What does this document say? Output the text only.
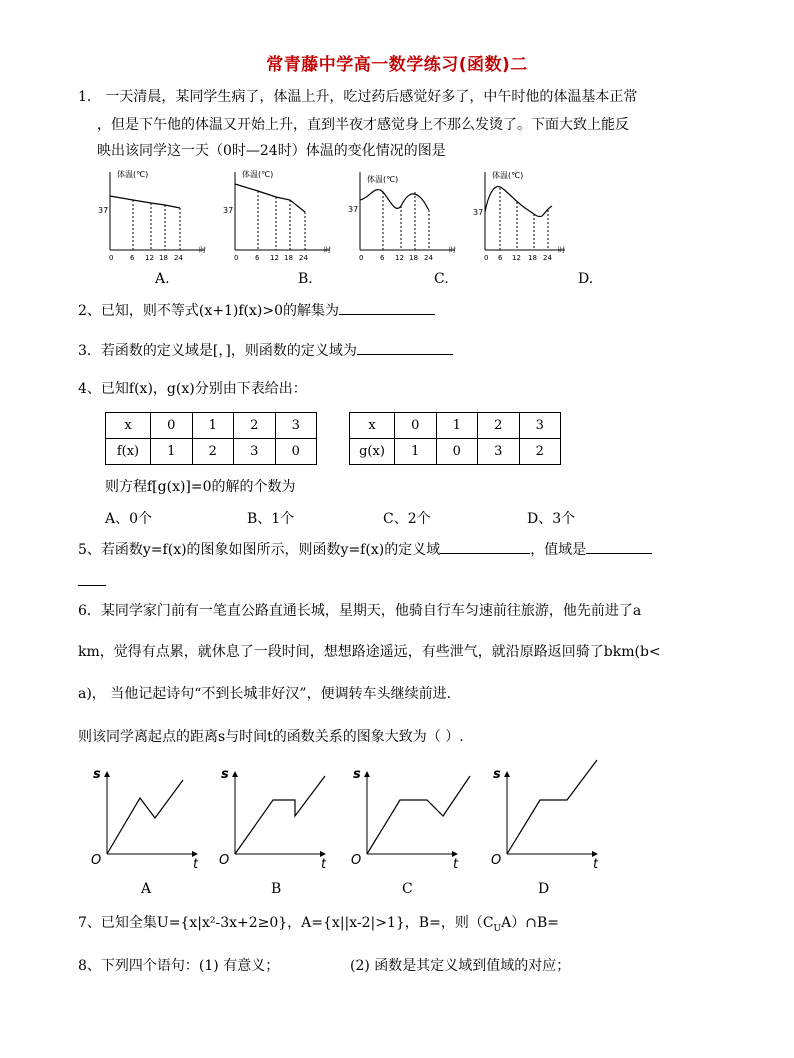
常青藤中学高一数学练习(函数)二
1． 一天清晨，某同学生病了，体温上升，吃过药后感觉好多了，中午时他的体温基本正常
，但是下午他的体温又开始上升，直到半夜才感觉身上不那么发烫了。下面大致上能反
映出该同学这一天（0时—24时）体温的变化情况的图是
体温(℃)
37
0 6 12 18 24
时
体温(℃)
37
0 6 12 18 24
时
体温(℃)
37
0 6 12 18 24
时
体温(℃)
37
0 6 12 18 24
时
A.	B.	C.	D.
2、已知，则不等式(x+1)f(x)>0的解集为
3．若函数的定义域是[，]，则函数的定义域为
4、已知f(x)，g(x)分别由下表给出：
x	0	1	2	3
f(x)	1	2	3	0
x	0	1	2	3
g(x)	1	0	3	2
则方程f[g(x)]=0的解的个数为
A、0个	B、1个	C、2个	D、3个
5、若函数y=f(x)的图象如图所示，则函数y=f(x)的定义域	，值域是
6．某同学家门前有一笔直公路直通长城，星期天，他骑自行车匀速前往旅游，他先前进了a
km，觉得有点累，就休息了一段时间，想想路途遥远，有些泄气，就沿原路返回骑了bkm(b<
a)， 当他记起诗句“不到长城非好汉”，便调转车头继续前进.
则该同学离起点的距离s与时间t的函数关系的图象大致为（ ）.
s
O	t
s
O	t
s
O	t
s
O	t
A	B	C	D
7、已知全集U={x|x²-3x+2≥0}，A={x||x-2|>1}，B=，则$(C_UA)\cap B=$
8、下列四个语句：(1) 有意义；	(2) 函数是其定义域到值域的对应；
